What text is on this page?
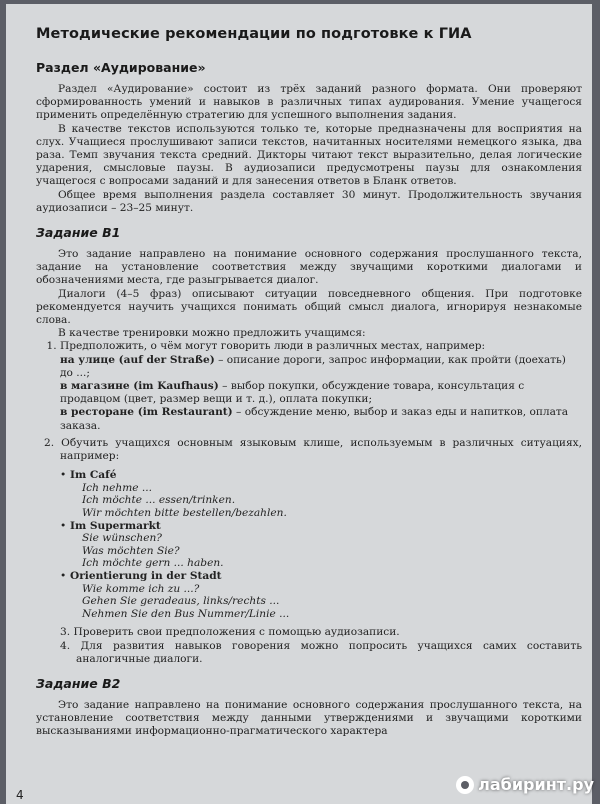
Методические рекомендации по подготовке к ГИА
Раздел «Аудирование»

Раздел «Аудирование» состоит из трёх заданий разного формата. Они проверяют сформированность умений и навыков в различных типах аудирования. Умение учащегося применить определённую стратегию для успешного выполнения задания.

В качестве текстов используются только те, которые предназначены для восприятия на слух. Учащиеся прослушивают записи текстов, начитанных носителями немецкого языка, два раза. Темп звучания текста средний. Дикторы читают текст выразительно, делая логические ударения, смысловые паузы. В аудиозаписи предусмотрены паузы для ознакомления учащегося с вопросами заданий и для занесения ответов в Бланк ответов.

Общее время выполнения раздела составляет 30 минут. Продолжительность звучания аудиозаписи – 23–25 минут.

Задание В1

Это задание направлено на понимание основного содержания прослушанного текста, задание на установление соответствия между звучащими короткими диалогами и обозначениями места, где разыгрывается диалог.

Диалоги (4–5 фраз) описывают ситуации повседневного общения. При подготовке рекомендуется научить учащихся понимать общий смысл диалога, игнорируя незнакомые слова.

В качестве тренировки можно предложить учащимся:

1. Предположить, о чём могут говорить люди в различных местах, например:
на улице (auf der Straße) – описание дороги, запрос информации, как пройти (доехать) до ...;
в магазине (im Kaufhaus) – выбор покупки, обсуждение товара, консультация с продавцом (цвет, размер вещи и т. д.), оплата покупки;
в ресторане (im Restaurant) – обсуждение меню, выбор и заказ еды и напитков, оплата заказа.
2. Обучить учащихся основным языковым клише, используемым в различных ситуациях, например:
• Im Café
Ich nehme ...
Ich möchte ... essen/trinken.
Wir möchten bitte bestellen/bezahlen.
• Im Supermarkt
Sie wünschen?
Was möchten Sie?
Ich möchte gern ... haben.
• Orientierung in der Stadt
Wie komme ich zu ...?
Gehen Sie geradeaus, links/rechts ...
Nehmen Sie den Bus Nummer/Linie ...
3. Проверить свои предположения с помощью аудиозаписи.
4. Для развития навыков говорения можно попросить учащихся самих составить аналогичные диалоги.
Задание В2

Это задание направлено на понимание основного содержания прослушанного текста, на установление соответствия между данными утверждениями и звучащими короткими высказываниями информационно-прагматического характера

4
лабиринт.ру
